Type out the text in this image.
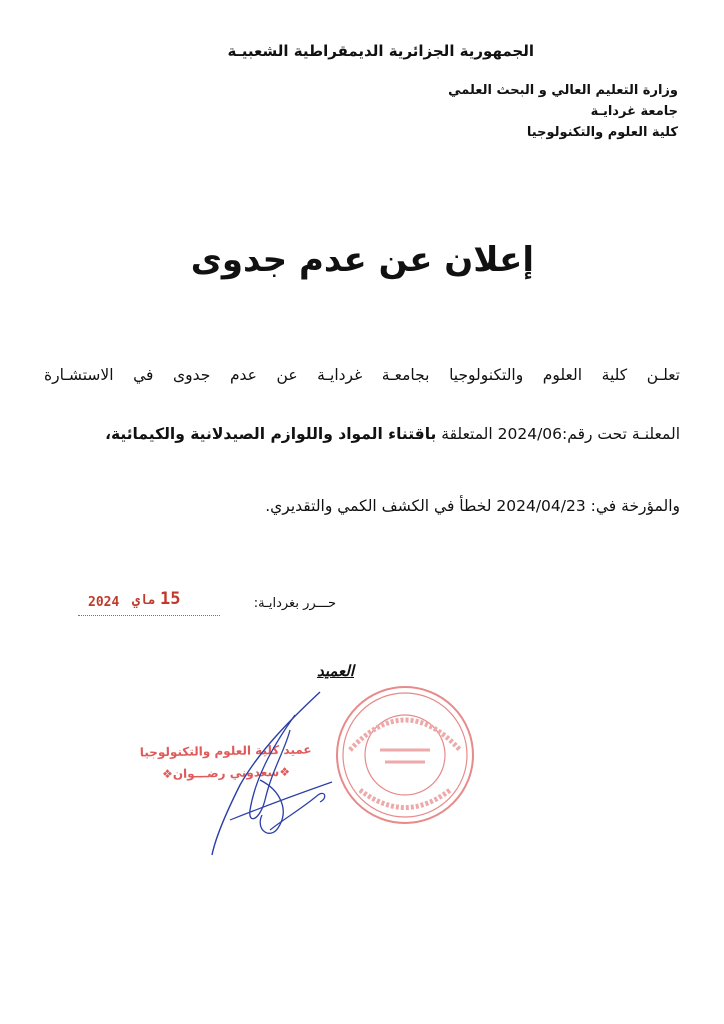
الجمهورية الجزائرية الديمقراطية الشعبيـة
وزارة التعليم العالي و البحث العلمي
جامعة غردايـة
كلية العلوم والتكنولوجيا
إعلان عن عدم جدوى
تعلـن كلية العلوم والتكنولوجيا بجامعـة غردايـة عن عدم جدوى في الاستشـارة
المعلنـة تحت رقم:2024/06 المتعلقة باقتناء المواد واللوازم الصيدلانية والكيمائية،
والمؤرخة في: 2024/04/23 لخطأ في الكشف الكمي والتقديري.
حـــرر بغردايـة:
2024 ماي 15
العميد
عميد كلية العلوم والتكنولوجيا
❖سعدوني رضـــوان❖
